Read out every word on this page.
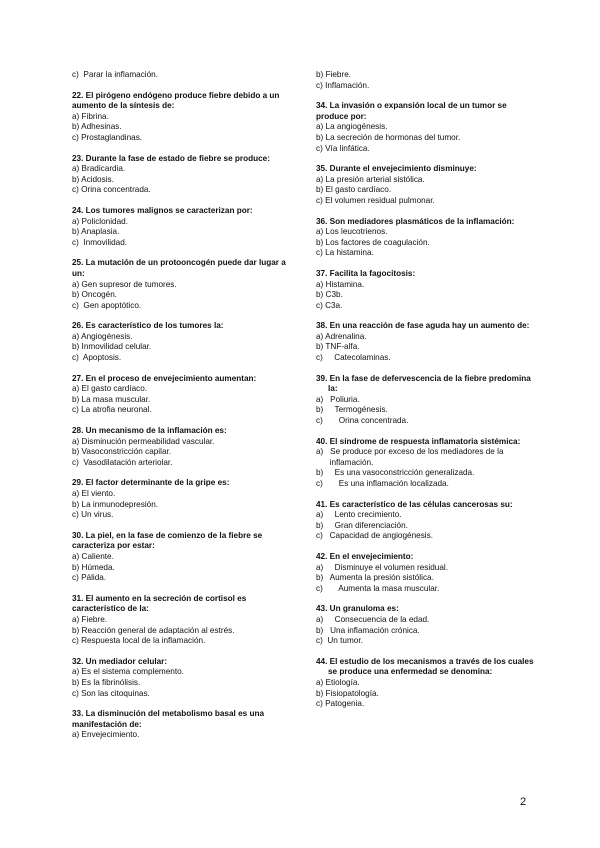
c)  Parar la inflamación.
22. El pirógeno endógeno produce fiebre debido a un aumento de la síntesis de:
a) Fibrina.
b) Adhesinas.
c) Prostaglandinas.
23. Durante la fase de estado de fiebre se produce:
a) Bradicardia.
b) Acidosis.
c) Orina concentrada.
24. Los tumores malignos se caracterizan por:
a) Policlonidad.
b) Anaplasia.
c)  Inmovilidad.
25. La mutación de un protooncogén puede dar lugar a un:
a) Gen supresor de tumores.
b) Oncogén.
c)  Gen apoptótico.
26. Es característico de los tumores la:
a) Angiogénesis.
b) Inmovilidad celular.
c)  Apoptosis.
27. En el proceso de envejecimiento aumentan:
a) El gasto cardíaco.
b) La masa muscular.
c) La atrofia neuronal.
28. Un mecanismo de la inflamación es:
a) Disminución permeabilidad vascular.
b) Vasoconstricción capilar.
c)  Vasodilatación arteriolar.
29. El factor determinante de la gripe es:
a) El viento.
b) La inmunodepresión.
c) Un virus.
30. La piel, en la fase de comienzo de la fiebre se caracteriza por estar:
a) Caliente.
b) Húmeda.
c) Pálida.
31. El aumento en la secreción de cortisol es característico de la:
a) Fiebre.
b) Reacción general de adaptación al estrés.
c) Respuesta local de la inflamación.
32. Un mediador celular:
a) Es el sistema complemento.
b) Es la fibrinólisis.
c) Son las citoquinas.
33. La disminución del metabolismo basal es una manifestación de:
a) Envejecimiento.
b) Fiebre.
c) Inflamación.
34. La invasión o expansión local de un tumor se produce por:
a) La angiogénesis.
b) La secreción de hormonas del tumor.
c) Vía linfática.
35. Durante el envejecimiento disminuye:
a) La presión arterial sistólica.
b) El gasto cardíaco.
c) El volumen residual pulmonar.
36. Son mediadores plasmáticos de la inflamación:
a) Los leucotrienos.
b) Los factores de coagulación.
c) La histamina.
37. Facilita la fagocitosis:
a) Histamina.
b) C3b.
c) C3a.
38. En una reacción de fase aguda hay un aumento de:
a) Adrenalina.
b) TNF-alfa.
c)     Catecolaminas.
39. En la fase de defervescencia de la fiebre predomina la:
a)   Poliuria.
b)     Termogénesis.
c)       Orina concentrada.
40. El síndrome de respuesta inflamatoria sistémica:
a)   Se produce por exceso de los mediadores de la
inflamación.
b)     Es una vasoconstricción generalizada.
c)       Es una inflamación localizada.
41. Es característico de las células cancerosas su:
a)     Lento crecimiento.
b)     Gran diferenciación.
c)   Capacidad de angiogénesis.
42. En el envejecimiento:
a)     Disminuye el volumen residual.
b)   Aumenta la presión sistólica.
c)       Aumenta la masa muscular.
43. Un granuloma es:
a)     Consecuencia de la edad.
b)   Una inflamación crónica.
c)  Un tumor.
44. El estudio de los mecanismos a través de los cuales se produce una enfermedad se denomina:
a) Etiología.
b) Fisiopatología.
c) Patogenia.
2
